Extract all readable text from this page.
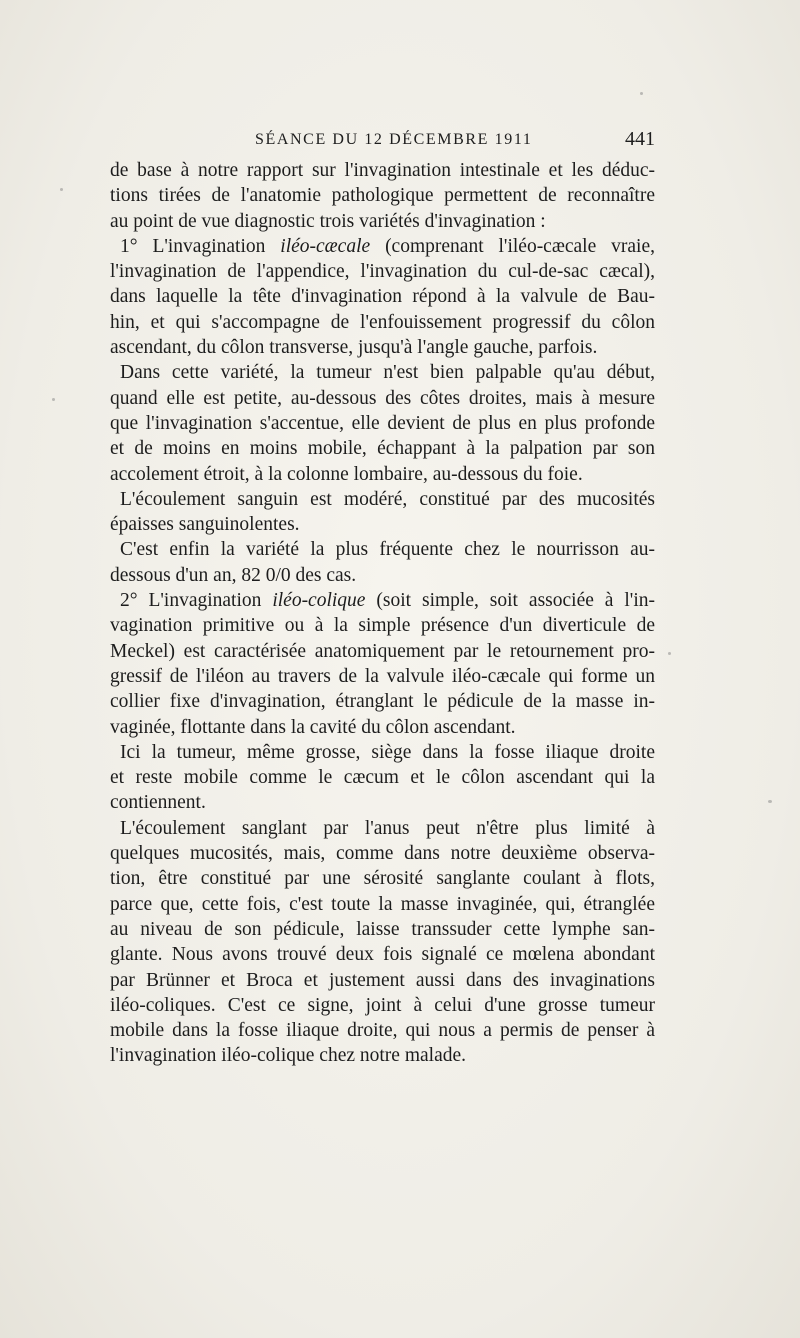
SÉANCE DU 12 DÉCEMBRE 1911	441
de base à notre rapport sur l'invagination intestinale et les déduc-
tions tirées de l'anatomie pathologique permettent de reconnaître
au point de vue diagnostic trois variétés d'invagination :
1° L'invagination iléo-cæcale (comprenant l'iléo-cæcale vraie,
l'invagination de l'appendice, l'invagination du cul-de-sac cæcal),
dans laquelle la tête d'invagination répond à la valvule de Bau-
hin, et qui s'accompagne de l'enfouissement progressif du côlon
ascendant, du côlon transverse, jusqu'à l'angle gauche, parfois.
Dans cette variété, la tumeur n'est bien palpable qu'au début,
quand elle est petite, au-dessous des côtes droites, mais à mesure
que l'invagination s'accentue, elle devient de plus en plus profonde
et de moins en moins mobile, échappant à la palpation par son
accolement étroit, à la colonne lombaire, au-dessous du foie.
L'écoulement sanguin est modéré, constitué par des mucosités
épaisses sanguinolentes.
C'est enfin la variété la plus fréquente chez le nourrisson au-
dessous d'un an, 82 0/0 des cas.
2° L'invagination iléo-colique (soit simple, soit associée à l'in-
vagination primitive ou à la simple présence d'un diverticule de
Meckel) est caractérisée anatomiquement par le retournement pro-
gressif de l'iléon au travers de la valvule iléo-cæcale qui forme un
collier fixe d'invagination, étranglant le pédicule de la masse in-
vaginée, flottante dans la cavité du côlon ascendant.
Ici la tumeur, même grosse, siège dans la fosse iliaque droite
et reste mobile comme le cæcum et le côlon ascendant qui la
contiennent.
L'écoulement sanglant par l'anus peut n'être plus limité à
quelques mucosités, mais, comme dans notre deuxième observa-
tion, être constitué par une sérosité sanglante coulant à flots,
parce que, cette fois, c'est toute la masse invaginée, qui, étranglée
au niveau de son pédicule, laisse transsuder cette lymphe san-
glante. Nous avons trouvé deux fois signalé ce mœlena abondant
par Brünner et Broca et justement aussi dans des invaginations
iléo-coliques. C'est ce signe, joint à celui d'une grosse tumeur
mobile dans la fosse iliaque droite, qui nous a permis de penser à
l'invagination iléo-colique chez notre malade.
